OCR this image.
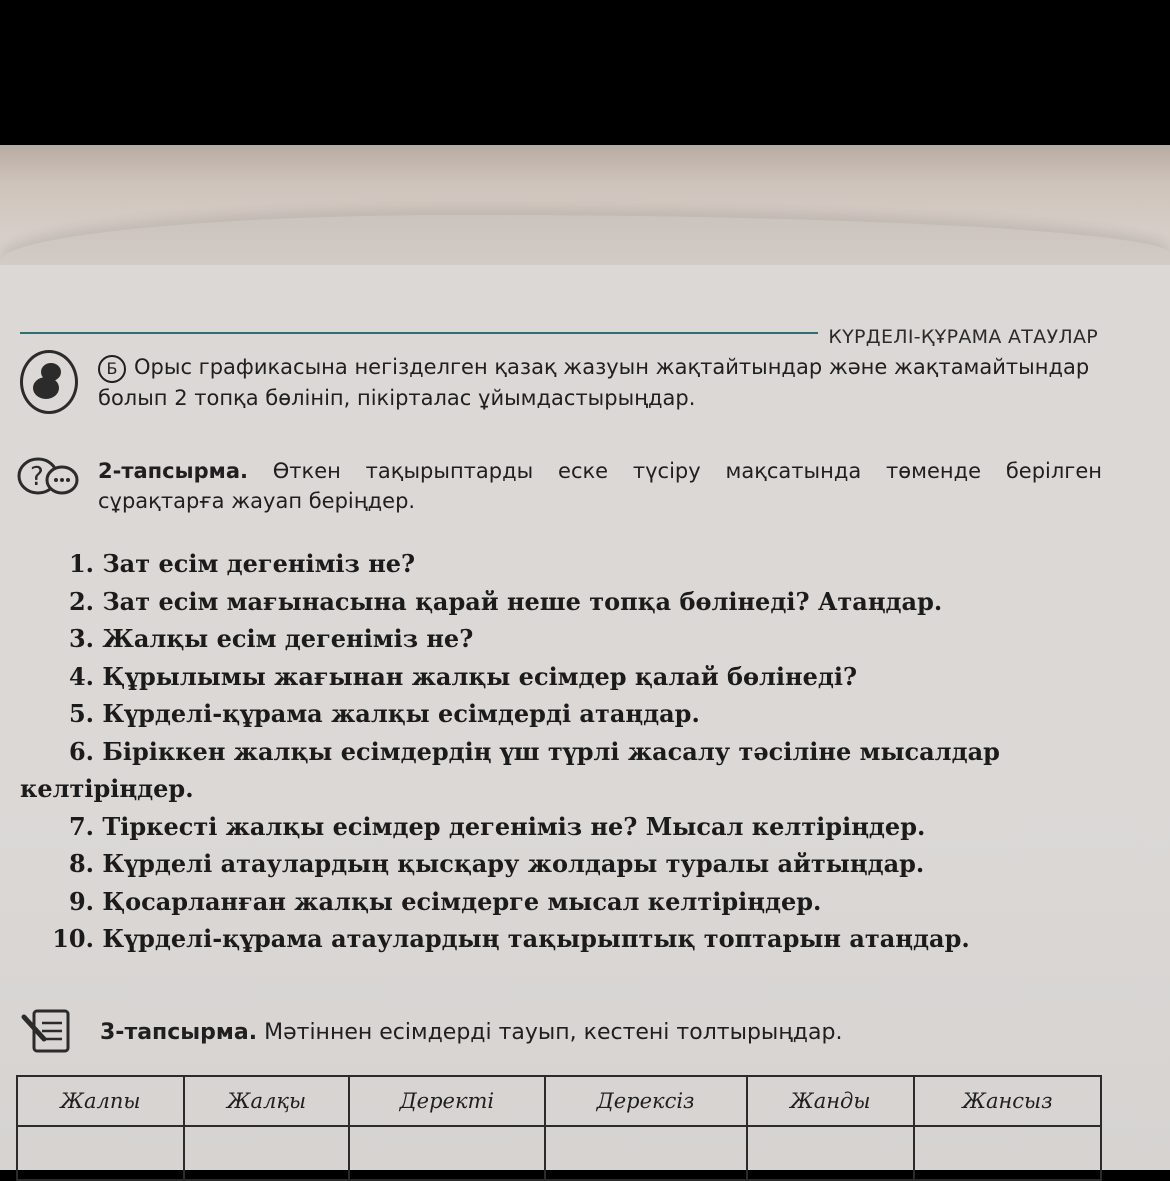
КҮРДЕЛІ-ҚҰРАМА АТАУЛАР
Б Орыс графикасына негізделген қазақ жазуын жақтайтындар және жақтамайтындар болып 2 топқа бөлініп, пікірталас ұйымдастырыңдар.
?	2-тапсырма. Өткен тақырыптарды еске түсіру мақсатында төменде берілген сұрақтарға жауап беріңдер.
1. Зат есім дегеніміз не?
2. Зат есім мағынасына қарай неше топқа бөлінеді? Атаңдар.
3. Жалқы есім дегеніміз не?
4. Құрылымы жағынан жалқы есімдер қалай бөлінеді?
5. Күрделі-құрама жалқы есімдерді атаңдар.
6. Біріккен жалқы есімдердің үш түрлі жасалу тәсіліне мысалдар
келтіріңдер.
7. Тіркесті жалқы есімдер дегеніміз не? Мысал келтіріңдер.
8. Күрделі атаулардың қысқару жолдары туралы айтыңдар.
9. Қосарланған жалқы есімдерге мысал келтіріңдер.
10. Күрделі-құрама атаулардың тақырыптық топтарын атаңдар.
3-тапсырма. Мәтіннен есімдерді тауып, кестені толтырыңдар.
Жалпы	Жалқы	Деректі	Дерексіз	Жанды	Жансыз
